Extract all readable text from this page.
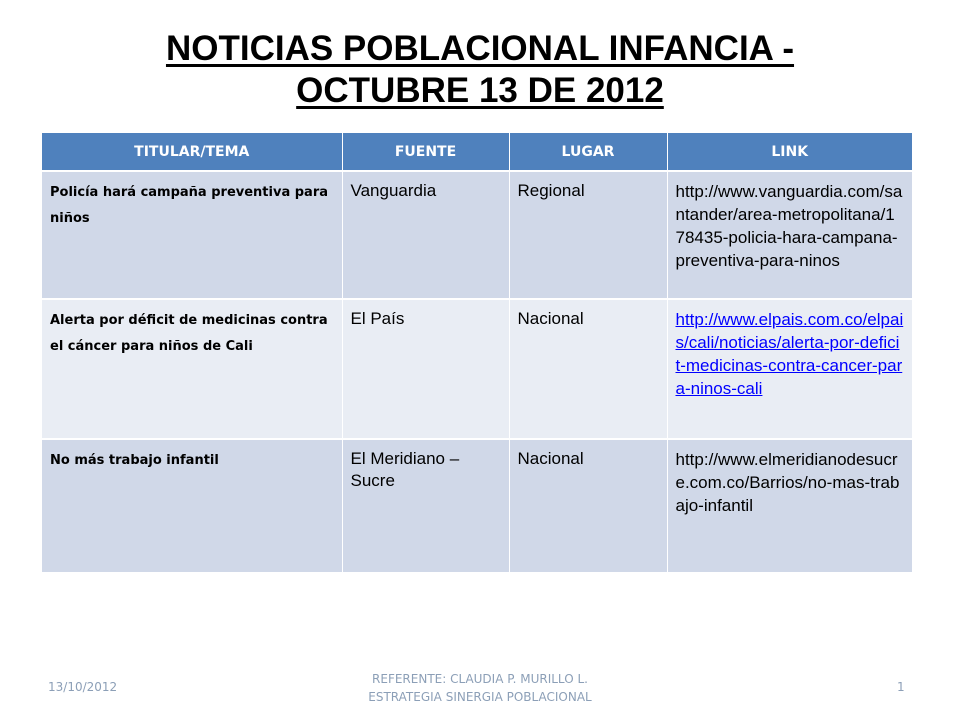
NOTICIAS POBLACIONAL INFANCIA -
OCTUBRE 13 DE 2012
TITULAR/TEMA	FUENTE	LUGAR	LINK

Policía hará campaña preventiva para niños	Vanguardia	Regional	http://www.vanguardia.com/santander/area-metropolitana/178435-policia-hara-campana-preventiva-para-ninos

Alerta por déficit de medicinas contra el cáncer para niños de Cali	El País	Nacional	http://www.elpais.com.co/elpais/cali/noticias/alerta-por-deficit-medicinas-contra-cancer-para-ninos-cali

No más trabajo infantil	El Meridiano – Sucre	Nacional	http://www.elmeridianodesucre.com.co/Barrios/no-mas-trabajo-infantil
13/10/2012
REFERENTE: CLAUDIA P. MURILLO L.
ESTRATEGIA SINERGIA POBLACIONAL
1
